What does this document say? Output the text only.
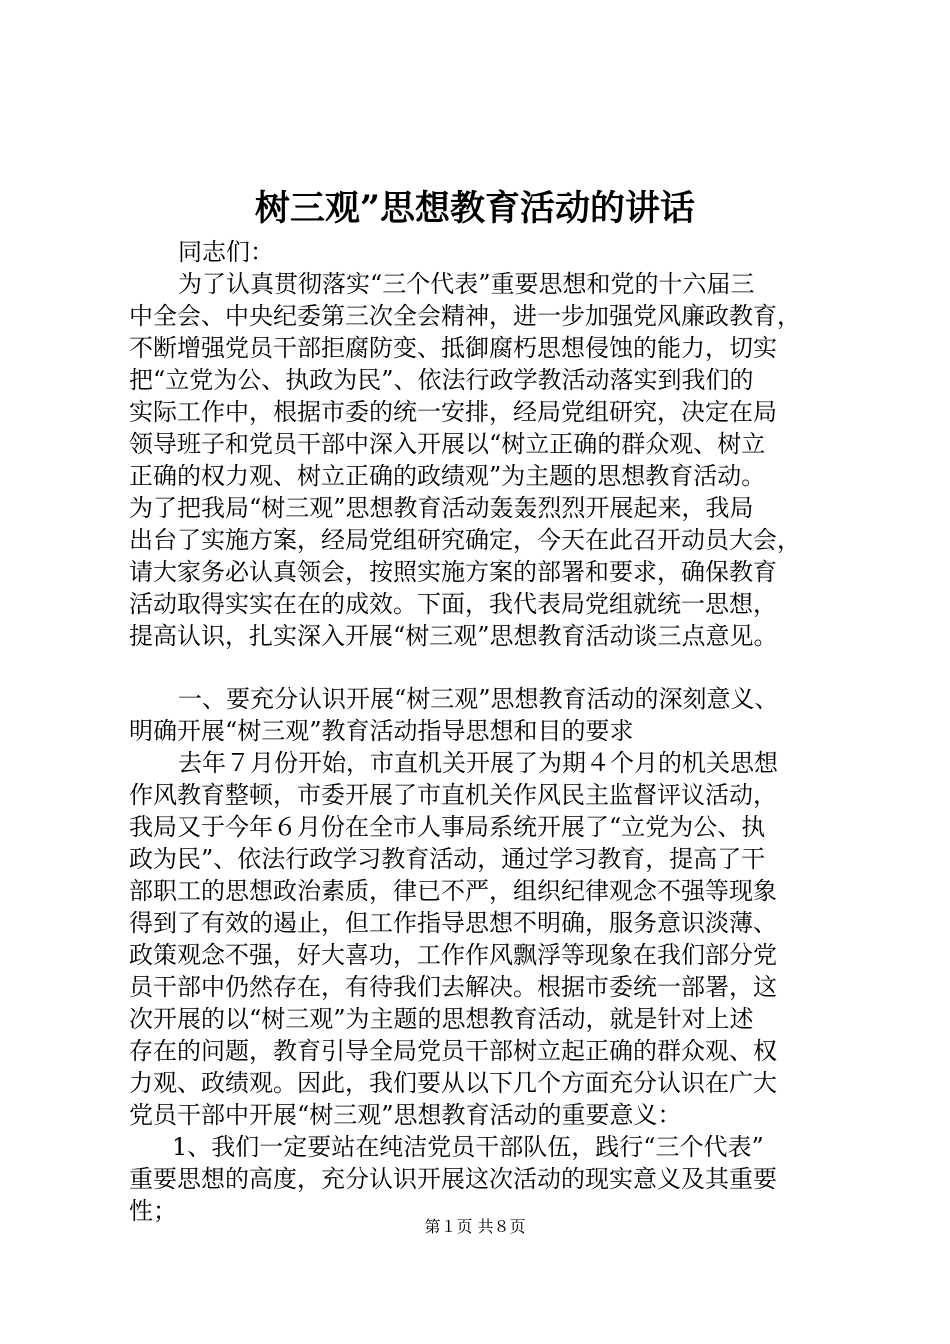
树三观”思想教育活动的讲话

同志们：

为了认真贯彻落实“三个代表”重要思想和党的十六届三

中全会、中央纪委第三次全会精神，进一步加强党风廉政教育，

不断增强党员干部拒腐防变、抵御腐朽思想侵蚀的能力，切实

把“立党为公、执政为民”、依法行政学教活动落实到我们的

实际工作中，根据市委的统一安排，经局党组研究，决定在局

领导班子和党员干部中深入开展以“树立正确的群众观、树立

正确的权力观、树立正确的政绩观”为主题的思想教育活动。

为了把我局“树三观”思想教育活动轰轰烈烈开展起来，我局

出台了实施方案，经局党组研究确定，今天在此召开动员大会，

请大家务必认真领会，按照实施方案的部署和要求，确保教育

活动取得实实在在的成效。下面，我代表局党组就统一思想，

提高认识，扎实深入开展“树三观”思想教育活动谈三点意见。

一、要充分认识开展“树三观”思想教育活动的深刻意义、

明确开展“树三观”教育活动指导思想和目的要求

去年７月份开始，市直机关开展了为期４个月的机关思想

作风教育整顿，市委开展了市直机关作风民主监督评议活动，

我局又于今年６月份在全市人事局系统开展了“立党为公、执

政为民”、依法行政学习教育活动，通过学习教育，提高了干

部职工的思想政治素质，律已不严，组织纪律观念不强等现象

得到了有效的遏止，但工作指导思想不明确，服务意识淡薄、

政策观念不强，好大喜功，工作作风飘浮等现象在我们部分党

员干部中仍然存在，有待我们去解决。根据市委统一部署，这

次开展的以“树三观”为主题的思想教育活动，就是针对上述

存在的问题，教育引导全局党员干部树立起正确的群众观、权

力观、政绩观。因此，我们要从以下几个方面充分认识在广大

党员干部中开展“树三观”思想教育活动的重要意义：

1、我们一定要站在纯洁党员干部队伍，践行“三个代表”

重要思想的高度，充分认识开展这次活动的现实意义及其重要

性；

第１页 共８页
